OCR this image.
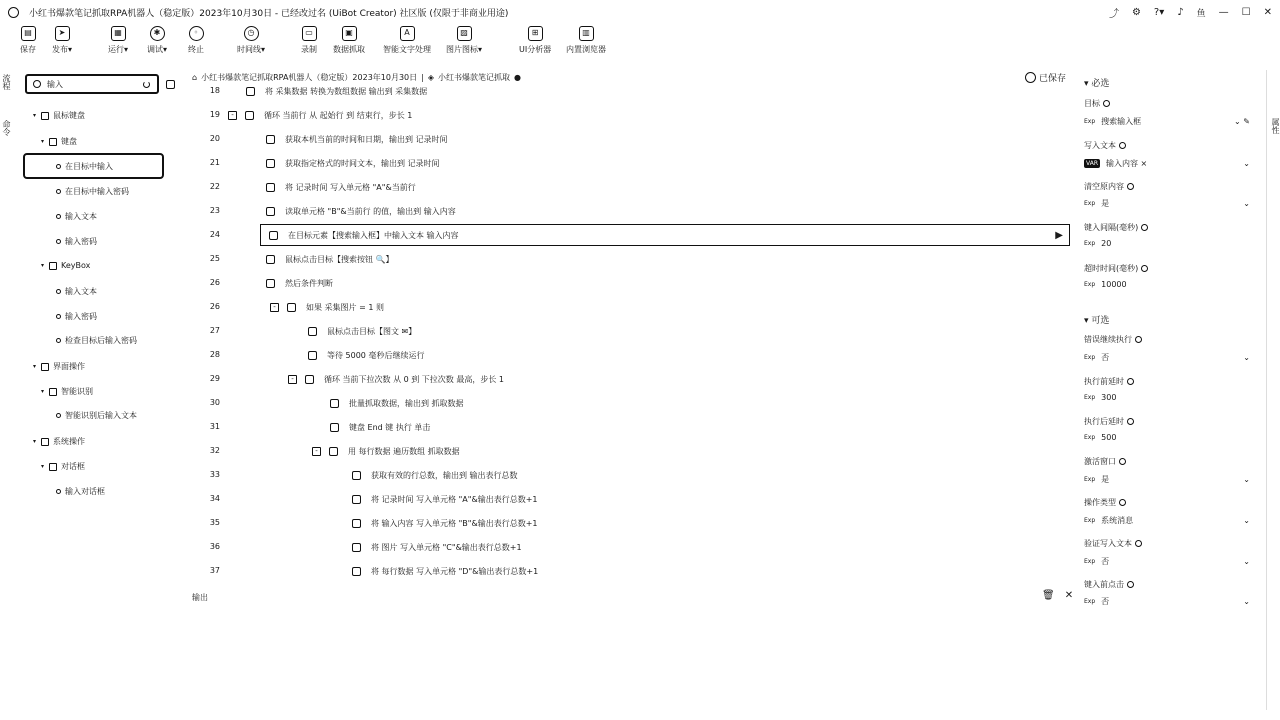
小红书爆款笔记抓取RPA机器人（稳定版）2023年10月30日 - 已经改过名 (UiBot Creator) 社区版 (仅限于非商业用途)	⤴ ⚙ ?▾ ♪ 鱼 — ☐ ✕
▤
保存
➤
发布▾
▦
运行▾
✱
调试▾
◦
终止
◷
时间线▾
▭
录制
▣
数据抓取
A
智能文字处理
▨
图片图标▾
⊞
UI分析器
▥
内置浏览器
流程
命令
输入
▾	鼠标键盘
▾	键盘
在目标中输入
在目标中输入密码
输入文本
输入密码
▾	KeyBox
输入文本
输入密码
检查目标后输入密码
▾	界面操作
▾	智能识别
智能识别后输入文本
▾	系统操作
▾	对话框
输入对话框
⌂ 小红书爆款笔记抓取RPA机器人（稳定版）2023年10月30日 | ◈ 小红书爆款笔记抓取 ●	已保存
18	将 采集数据 转换为数组数据 输出到 采集数据
19	-	循环 当前行 从 起始行 到 结束行，步长 1
20	获取本机当前的时间和日期，输出到 记录时间
21	获取指定格式的时间文本，输出到 记录时间
22	将 记录时间 写入单元格 "A"&当前行
23	读取单元格 "B"&当前行 的值，输出到 输入内容
24	在目标元素【搜索输入框】中输入文本 输入内容	▶
25	鼠标点击目标【搜索按钮 🔍】
26	然后条件判断
26	-	如果 采集图片 = 1 则
27	鼠标点击目标【图文 ✉】
28	等待 5000 毫秒后继续运行
29	-	循环 当前下拉次数 从 0 到 下拉次数 最高，步长 1
30	批量抓取数据，输出到 抓取数据
31	键盘 End 键 执行 单击
32	-	用 每行数据 遍历数组 抓取数据
33	获取有效的行总数，输出到 输出表行总数
34	将 记录时间 写入单元格 "A"&输出表行总数+1
35	将 输入内容 写入单元格 "B"&输出表行总数+1
36	将 图片 写入单元格 "C"&输出表行总数+1
37	将 每行数据 写入单元格 "D"&输出表行总数+1
输出	🗑 ✕
▾ 必选
目标
Exp 搜索输入框	⌄ ✎
写入文本
VAR 输入内容 ×	⌄
清空原内容
Exp 是	⌄
键入间隔(毫秒)
Exp 20
超时时间(毫秒)
Exp 10000
▾ 可选
错误继续执行
Exp 否	⌄
执行前延时
Exp 300
执行后延时
Exp 500
激活窗口
Exp 是	⌄
操作类型
Exp 系统消息	⌄
验证写入文本
Exp 否	⌄
键入前点击
Exp 否	⌄
属性
